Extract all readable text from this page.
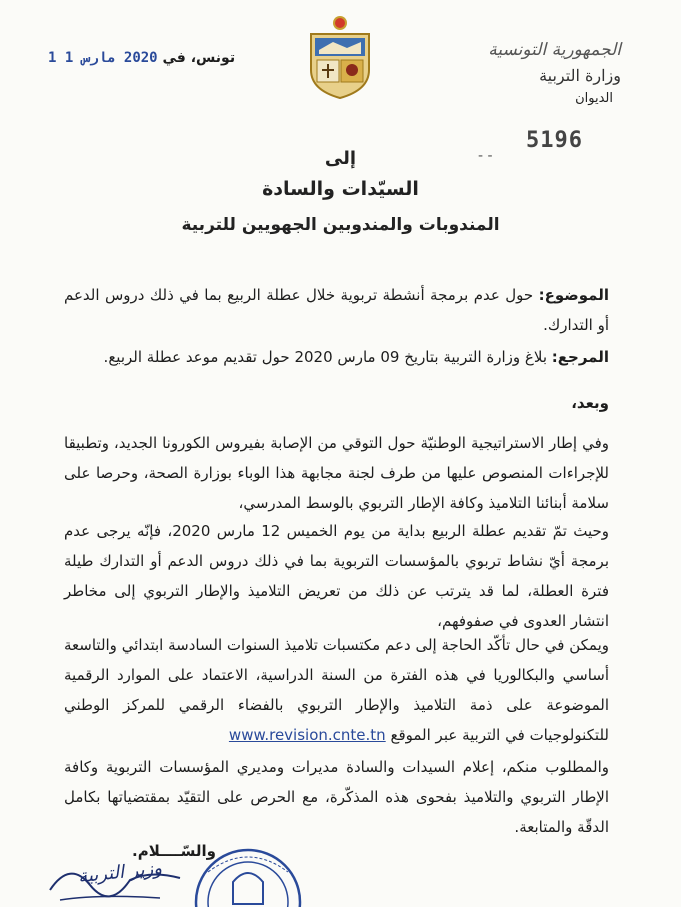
الجمهورية التونسية
وزارة التربية
الديوان
5196
تونس، في 2020 مارس 1 1
- -
إلى
السيّدات والسادة
المندوبات والمندوبين الجهويين للتربية
الموضوع: حول عدم برمجة أنشطة تربوية خلال عطلة الربيع بما في ذلك دروس الدعم أو التدارك.
المرجع: بلاغ وزارة التربية بتاريخ 09 مارس 2020 حول تقديم موعد عطلة الربيع.
وبعد،
وفي إطار الاستراتيجية الوطنيّة حول التوقي من الإصابة بفيروس الكورونا الجديد، وتطبيقا للإجراءات المنصوص عليها من طرف لجنة مجابهة هذا الوباء بوزارة الصحة، وحرصا على سلامة أبنائنا التلاميذ وكافة الإطار التربوي بالوسط المدرسي،
وحيث تمّ تقديم عطلة الربيع بداية من يوم الخميس 12 مارس 2020، فإنّه يرجى عدم برمجة أيّ نشاط تربوي بالمؤسسات التربوية بما في ذلك دروس الدعم أو التدارك طيلة فترة العطلة، لما قد يترتب عن ذلك من تعريض التلاميذ والإطار التربوي إلى مخاطر انتشار العدوى في صفوفهم،
ويمكن في حال تأكّد الحاجة إلى دعم مكتسبات تلاميذ السنوات السادسة ابتدائي والتاسعة أساسي والبكالوريا في هذه الفترة من السنة الدراسية، الاعتماد على الموارد الرقمية الموضوعة على ذمة التلاميذ والإطار التربوي بالفضاء الرقمي للمركز الوطني للتكنولوجيات في التربية عبر الموقع www.revision.cnte.tn
والمطلوب منكم، إعلام السيدات والسادة مديرات ومديري المؤسسات التربوية وكافة الإطار التربوي والتلاميذ بفحوى هذه المذكّرة، مع الحرص على التقيّد بمقتضياتها بكامل الدقّة والمتابعة.
والسّــــلام.
وزير التربية
